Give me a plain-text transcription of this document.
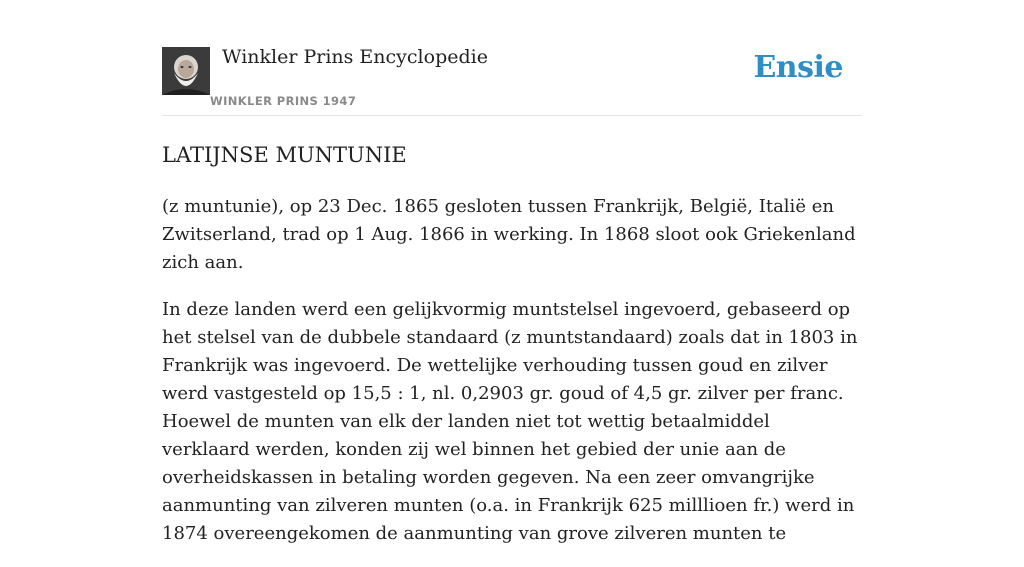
Winkler Prins Encyclopedie
WINKLER PRINS 1947
Ensie
LATIJNSE MUNTUNIE

(z muntunie), op 23 Dec. 1865 gesloten tussen Frankrijk, België, Italië en Zwitserland, trad op 1 Aug. 1866 in werking. In 1868 sloot ook Griekenland zich aan.

In deze landen werd een gelijkvormig muntstelsel ingevoerd, gebaseerd op het stelsel van de dubbele standaard (z muntstandaard) zoals dat in 1803 in Frankrijk was ingevoerd. De wettelijke verhouding tussen goud en zilver werd vastgesteld op 15,5 : 1, nl. 0,2903 gr. goud of 4,5 gr. zilver per franc. Hoewel de munten van elk der landen niet tot wettig betaalmiddel verklaard werden, konden zij wel binnen het gebied der unie aan de overheidskassen in betaling worden gegeven. Na een zeer omvangrijke aanmunting van zilveren munten (o.a. in Frankrijk 625 milllioen fr.) werd in 1874 overeengekomen de aanmunting van grove zilveren munten te
